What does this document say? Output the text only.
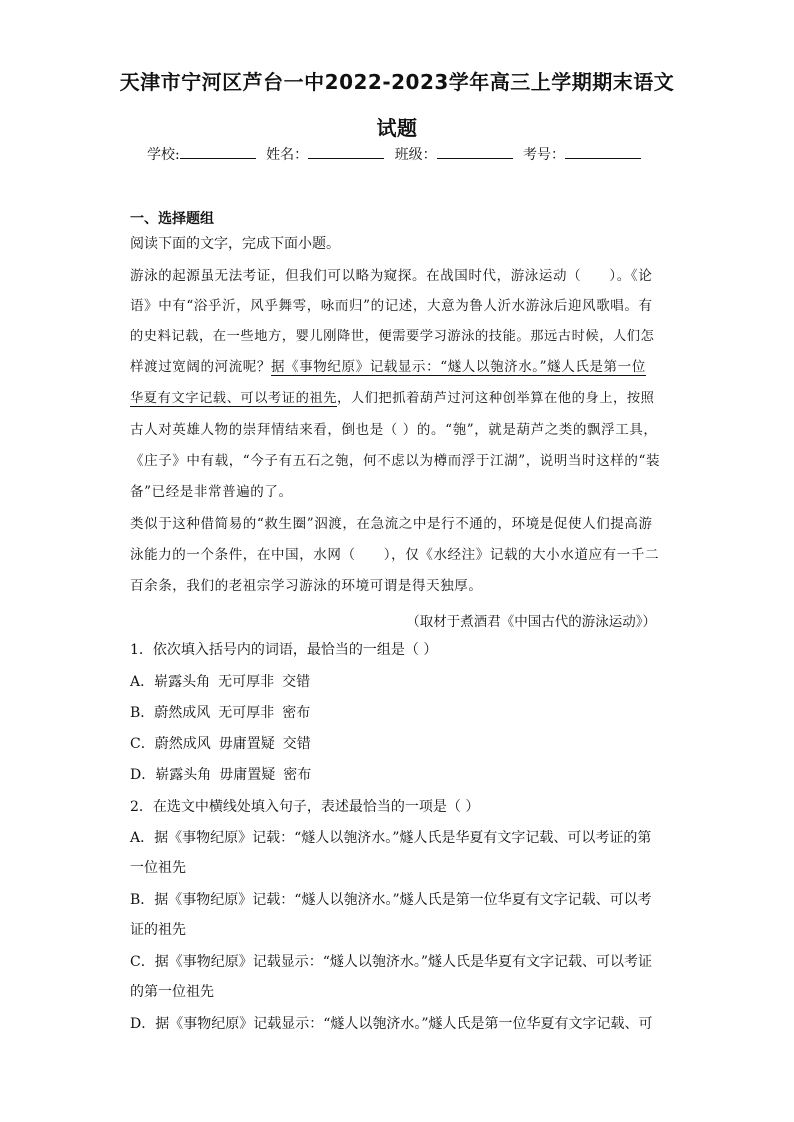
天津市宁河区芦台一中2022-2023学年高三上学期期末语文
试题
学校:	姓名：	班级：	考号：
一、选择题组
阅读下面的文字，完成下面小题。
游泳的起源虽无法考证，但我们可以略为窥探。在战国时代，游泳运动（　　）。《论
语》中有“浴乎沂，风乎舞雩，咏而归”的记述，大意为鲁人沂水游泳后迎风歌唱。有
的史料记载，在一些地方，婴儿刚降世，便需要学习游泳的技能。那远古时候，人们怎
样渡过宽阔的河流呢？据《事物纪原》记载显示：“燧人以匏济水。”燧人氏是第一位
华夏有文字记载、可以考证的祖先，人们把抓着葫芦过河这种创举算在他的身上，按照
古人对英雄人物的崇拜情结来看，倒也是（ ）的。“匏”，就是葫芦之类的飘浮工具，
《庄子》中有载，“今子有五石之匏，何不虑以为樽而浮于江湖”，说明当时这样的“装
备”已经是非常普遍的了。
类似于这种借简易的“救生圈”泅渡，在急流之中是行不通的，环境是促使人们提高游
泳能力的一个条件，在中国，水网（　　），仅《水经注》记载的大小水道应有一千二
百余条，我们的老祖宗学习游泳的环境可谓是得天独厚。
（取材于煮酒君《中国古代的游泳运动》）
1．依次填入括号内的词语，最恰当的一组是（ ）
A．崭露头角 无可厚非 交错
B．蔚然成风 无可厚非 密布
C．蔚然成风 毋庸置疑 交错
D．崭露头角 毋庸置疑 密布
2．在选文中横线处填入句子，表述最恰当的一项是（ ）
A．据《事物纪原》记载：“燧人以匏济水。”燧人氏是华夏有文字记载、可以考证的第
一位祖先
B．据《事物纪原》记载：“燧人以匏济水。”燧人氏是第一位华夏有文字记载、可以考
证的祖先
C．据《事物纪原》记载显示：“燧人以匏济水。”燧人氏是华夏有文字记载、可以考证
的第一位祖先
D．据《事物纪原》记载显示：“燧人以匏济水。”燧人氏是第一位华夏有文字记载、可
